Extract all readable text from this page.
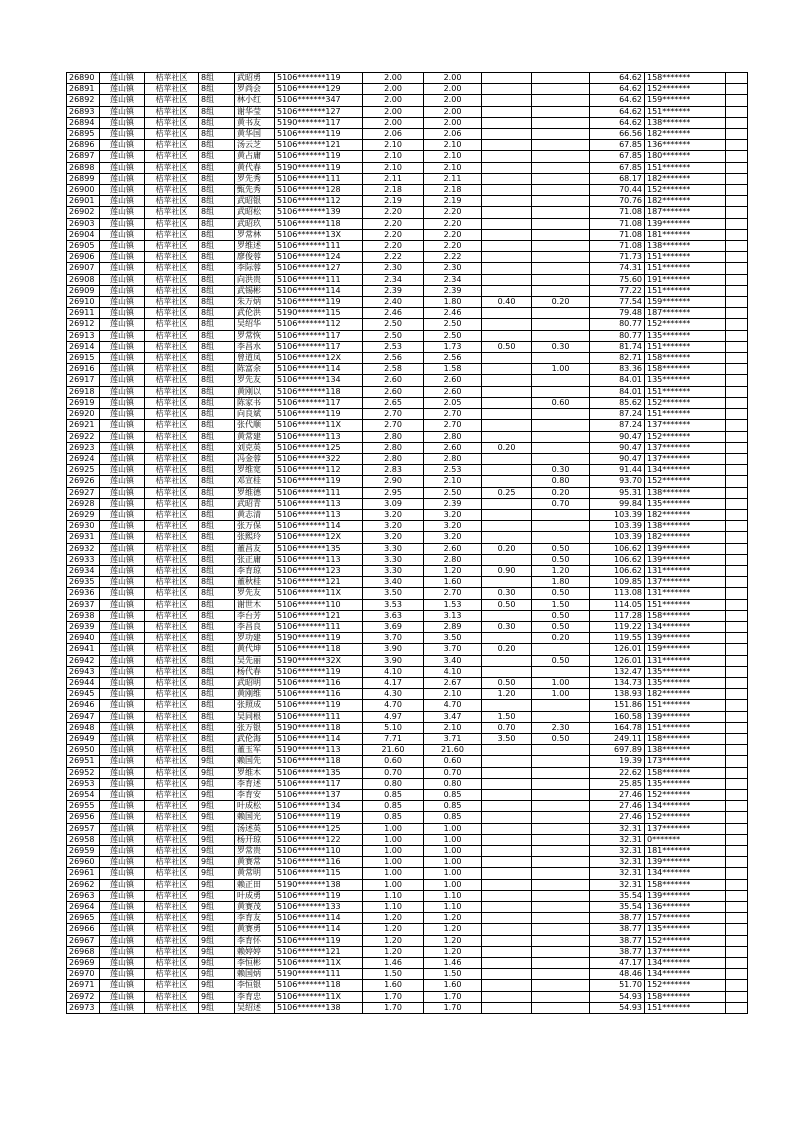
26890	莲山镇	桔苹社区	8组	武昭勇	5106*******119	2.00	2.00			64.62	158*******	
26891	莲山镇	桔苹社区	8组	罗尚会	5106*******129	2.00	2.00			64.62	152*******	
26892	莲山镇	桔苹社区	8组	林小红	5106*******347	2.00	2.00			64.62	159*******	
26893	莲山镇	桔苹社区	8组	谢华莹	5106*******127	2.00	2.00			64.62	151*******	
26894	莲山镇	桔苹社区	8组	黄书友	5190*******117	2.00	2.00			64.62	138*******	
26895	莲山镇	桔苹社区	8组	黄华国	5106*******119	2.06	2.06			66.56	182*******	
26896	莲山镇	桔苹社区	8组	汤云芝	5106*******121	2.10	2.10			67.85	136*******	
26897	莲山镇	桔苹社区	8组	黄占庸	5106*******119	2.10	2.10			67.85	180*******	
26898	莲山镇	桔苹社区	8组	黄代春	5190*******119	2.10	2.10			67.85	151*******	
26899	莲山镇	桔苹社区	8组	罗先秀	5106*******111	2.11	2.11			68.17	182*******	
26900	莲山镇	桔苹社区	8组	甄先秀	5106*******128	2.18	2.18			70.44	152*******	
26901	莲山镇	桔苹社区	8组	武昭银	5106*******112	2.19	2.19			70.76	182*******	
26902	莲山镇	桔苹社区	8组	武昭松	5106*******139	2.20	2.20			71.08	187*******	
26903	莲山镇	桔苹社区	8组	武昭玖	5106*******118	2.20	2.20			71.08	139*******	
26904	莲山镇	桔苹社区	8组	罗常林	5106*******13X	2.20	2.20			71.08	181*******	
26905	莲山镇	桔苹社区	8组	罗维述	5106*******111	2.20	2.20			71.08	138*******	
26906	莲山镇	桔苹社区	8组	廖俊蓉	5106*******124	2.22	2.22			71.73	151*******	
26907	莲山镇	桔苹社区	8组	李际蓉	5106*******127	2.30	2.30			74.31	151*******	
26908	莲山镇	桔苹社区	8组	向洪贵	5106*******111	2.34	2.34			75.60	191*******	
26909	莲山镇	桔苹社区	8组	武锡彬	5106*******114	2.39	2.39			77.22	151*******	
26910	莲山镇	桔苹社区	8组	朱万炳	5106*******119	2.40	1.80	0.40	0.20	77.54	159*******	
26911	莲山镇	桔苹社区	8组	武伦洪	5190*******115	2.46	2.46			79.48	187*******	
26912	莲山镇	桔苹社区	8组	吴绍华	5106*******112	2.50	2.50			80.77	152*******	
26913	莲山镇	桔苹社区	8组	罗常恢	5106*******117	2.50	2.50			80.77	135*******	
26914	莲山镇	桔苹社区	8组	李昌水	5106*******117	2.53	1.73	0.50	0.30	81.74	151*******	
26915	莲山镇	桔苹社区	8组	曾道凤	5106*******12X	2.56	2.56			82.71	158*******	
26916	莲山镇	桔苹社区	8组	陈富余	5106*******114	2.58	1.58		1.00	83.36	158*******	
26917	莲山镇	桔苹社区	8组	罗先友	5106*******134	2.60	2.60			84.01	135*******	
26918	莲山镇	桔苹社区	8组	黄刚以	5106*******118	2.60	2.60			84.01	151*******	
26919	莲山镇	桔苹社区	8组	陈家书	5106*******117	2.65	2.05		0.60	85.62	152*******	
26920	莲山镇	桔苹社区	8组	向良斌	5106*******119	2.70	2.70			87.24	151*******	
26921	莲山镇	桔苹社区	8组	张代顺	5106*******11X	2.70	2.70			87.24	137*******	
26922	莲山镇	桔苹社区	8组	黄常建	5106*******113	2.80	2.80			90.47	152*******	
26923	莲山镇	桔苹社区	8组	刘克英	5106*******125	2.80	2.60	0.20		90.47	137*******	
26924	莲山镇	桔苹社区	8组	冯金蓉	5106*******322	2.80	2.80			90.47	137*******	
26925	莲山镇	桔苹社区	8组	罗维宽	5106*******112	2.83	2.53		0.30	91.44	134*******	
26926	莲山镇	桔苹社区	8组	邓宣桂	5106*******119	2.90	2.10		0.80	93.70	152*******	
26927	莲山镇	桔苹社区	8组	罗维德	5106*******111	2.95	2.50	0.25	0.20	95.31	138*******	
26928	莲山镇	桔苹社区	8组	武昭青	5106*******113	3.09	2.39		0.70	99.84	135*******	
26929	莲山镇	桔苹社区	8组	黄志清	5106*******113	3.20	3.20			103.39	182*******	
26930	莲山镇	桔苹社区	8组	张万保	5106*******114	3.20	3.20			103.39	138*******	
26931	莲山镇	桔苹社区	8组	张熙玲	5106*******12X	3.20	3.20			103.39	182*******	
26932	莲山镇	桔苹社区	8组	董昌友	5106*******135	3.30	2.60	0.20	0.50	106.62	139*******	
26933	莲山镇	桔苹社区	8组	张正庸	5106*******113	3.30	2.80		0.50	106.62	139*******	
26934	莲山镇	桔苹社区	8组	李育琼	5106*******123	3.30	1.20	0.90	1.20	106.62	131*******	
26935	莲山镇	桔苹社区	8组	董秋桂	5106*******121	3.40	1.60		1.80	109.85	137*******	
26936	莲山镇	桔苹社区	8组	罗先友	5106*******11X	3.50	2.70	0.30	0.50	113.08	131*******	
26937	莲山镇	桔苹社区	8组	谢世木	5106*******110	3.53	1.53	0.50	1.50	114.05	151*******	
26938	莲山镇	桔苹社区	8组	李台芳	5106*******121	3.63	3.13		0.50	117.28	158*******	
26939	莲山镇	桔苹社区	8组	李昌良	5106*******111	3.69	2.89	0.30	0.50	119.22	134*******	
26940	莲山镇	桔苹社区	8组	罗功建	5190*******119	3.70	3.50		0.20	119.55	139*******	
26941	莲山镇	桔苹社区	8组	黄代坤	5106*******118	3.90	3.70	0.20		126.01	159*******	
26942	莲山镇	桔苹社区	8组	吴先丽	5190*******32X	3.90	3.40		0.50	126.01	131*******	
26943	莲山镇	桔苹社区	8组	杨代春	5106*******119	4.10	4.10			132.47	135*******	
26944	莲山镇	桔苹社区	8组	武昭明	5106*******116	4.17	2.67	0.50	1.00	134.73	135*******	
26945	莲山镇	桔苹社区	8组	黄刚维	5106*******116	4.30	2.10	1.20	1.00	138.93	182*******	
26946	莲山镇	桔苹社区	8组	张照成	5106*******119	4.70	4.70			151.86	151*******	
26947	莲山镇	桔苹社区	8组	吴同根	5106*******111	4.97	3.47	1.50		160.58	139*******	
26948	莲山镇	桔苹社区	8组	张万银	5190*******118	5.10	2.10	0.70	2.30	164.78	151*******	
26949	莲山镇	桔苹社区	8组	武伦海	5106*******114	7.71	3.71	3.50	0.50	249.11	158*******	
26950	莲山镇	桔苹社区	8组	董玉军	5190*******113	21.60	21.60			697.89	138*******	
26951	莲山镇	桔苹社区	9组	赖国先	5106*******118	0.60	0.60			19.39	173*******	
26952	莲山镇	桔苹社区	9组	罗维木	5106*******135	0.70	0.70			22.62	158*******	
26953	莲山镇	桔苹社区	9组	李育述	5106*******117	0.80	0.80			25.85	135*******	
26954	莲山镇	桔苹社区	9组	李育安	5106*******137	0.85	0.85			27.46	152*******	
26955	莲山镇	桔苹社区	9组	叶成松	5106*******134	0.85	0.85			27.46	134*******	
26956	莲山镇	桔苹社区	9组	赖国光	5106*******119	0.85	0.85			27.46	152*******	
26957	莲山镇	桔苹社区	9组	汤述英	5106*******125	1.00	1.00			32.31	137*******	
26958	莲山镇	桔苹社区	9组	杨开琼	5106*******122	1.00	1.00			32.31	0*******	
26959	莲山镇	桔苹社区	9组	罗常贵	5106*******110	1.00	1.00			32.31	181*******	
26960	莲山镇	桔苹社区	9组	黄赛常	5106*******116	1.00	1.00			32.31	139*******	
26961	莲山镇	桔苹社区	9组	黄常明	5106*******115	1.00	1.00			32.31	134*******	
26962	莲山镇	桔苹社区	9组	赖正田	5190*******138	1.00	1.00			32.31	158*******	
26963	莲山镇	桔苹社区	9组	叶成勇	5106*******119	1.10	1.10			35.54	139*******	
26964	莲山镇	桔苹社区	9组	黄赛茂	5106*******133	1.10	1.10			35.54	136*******	
26965	莲山镇	桔苹社区	9组	李育友	5106*******114	1.20	1.20			38.77	157*******	
26966	莲山镇	桔苹社区	9组	黄赛勇	5106*******114	1.20	1.20			38.77	135*******	
26967	莲山镇	桔苹社区	9组	李育怀	5106*******119	1.20	1.20			38.77	152*******	
26968	莲山镇	桔苹社区	9组	赖婷婷	5106*******121	1.20	1.20			38.77	137*******	
26969	莲山镇	桔苹社区	9组	李恒彬	5106*******11X	1.46	1.46			47.17	134*******	
26970	莲山镇	桔苹社区	9组	赖国炳	5190*******111	1.50	1.50			48.46	134*******	
26971	莲山镇	桔苹社区	9组	李恒银	5106*******118	1.60	1.60			51.70	152*******	
26972	莲山镇	桔苹社区	9组	李育忠	5106*******11X	1.70	1.70			54.93	158*******	
26973	莲山镇	桔苹社区	9组	吴绍述	5106*******138	1.70	1.70			54.93	151*******	
